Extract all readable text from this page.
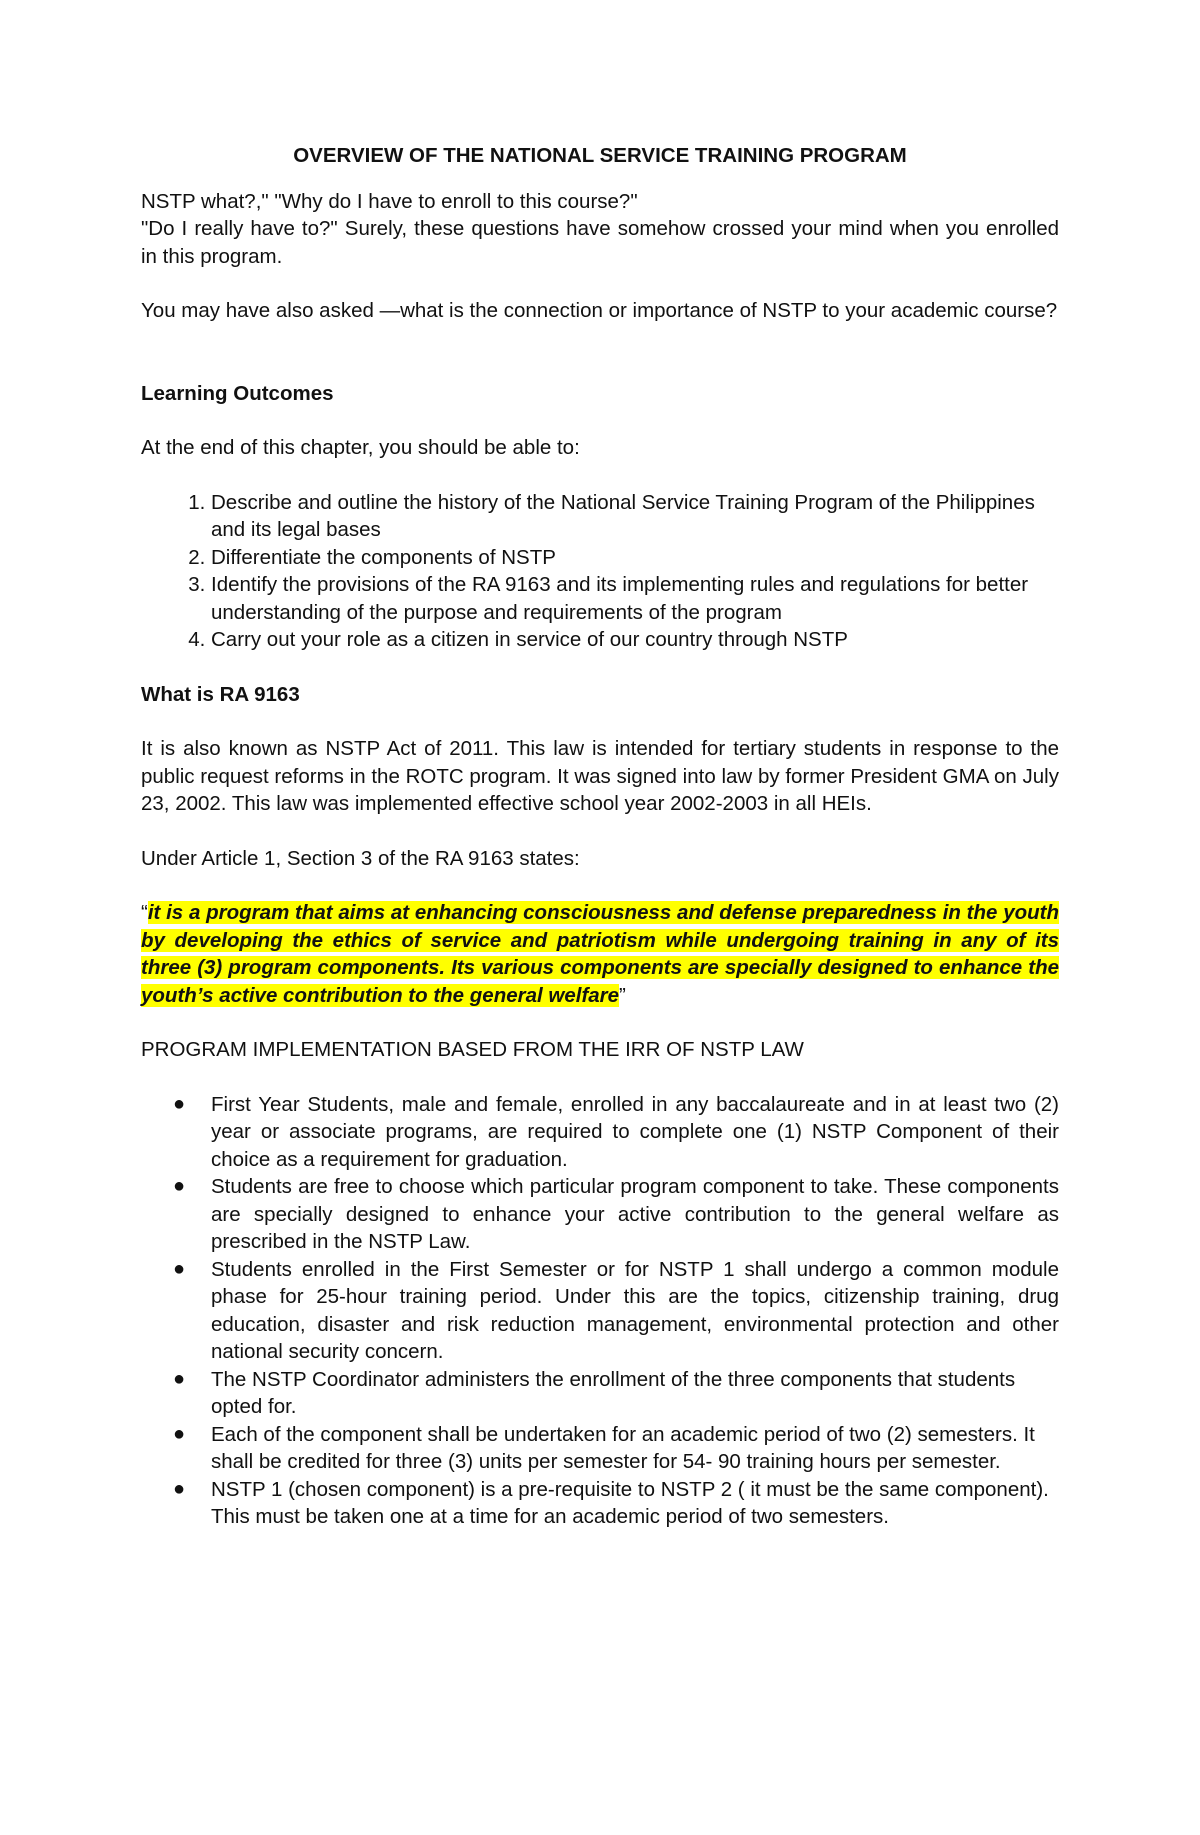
OVERVIEW OF THE NATIONAL SERVICE TRAINING PROGRAM

NSTP what?," "Why do I have to enroll to this course?"

"Do I really have to?" Surely, these questions have somehow crossed your mind when you enrolled in this program.

You may have also asked —what is the connection or importance of NSTP to your academic course?

Learning Outcomes

At the end of this chapter, you should be able to:

1. Describe and outline the history of the National Service Training Program of the Philippines and its legal bases
2. Differentiate the components of NSTP
3. Identify the provisions of the RA 9163 and its implementing rules and regulations for better understanding of the purpose and requirements of the program
4. Carry out your role as a citizen in service of our country through NSTP

What is RA 9163

It is also known as NSTP Act of 2011. This law is intended for tertiary students in response to the public request reforms in the ROTC program. It was signed into law by former President GMA on July 23, 2002. This law was implemented effective school year 2002-2003 in all HEIs.

Under Article 1, Section 3 of the RA 9163 states:

“it is a program that aims at enhancing consciousness and defense preparedness in the youth by developing the ethics of service and patriotism while undergoing training in any of its three (3) program components. Its various components are specially designed to enhance the youth’s active contribution to the general welfare”

PROGRAM IMPLEMENTATION BASED FROM THE IRR OF NSTP LAW

● First Year Students, male and female, enrolled in any baccalaureate and in at least two (2) year or associate programs, are required to complete one (1) NSTP Component of their choice as a requirement for graduation.
● Students are free to choose which particular program component to take. These components are specially designed to enhance your active contribution to the general welfare as prescribed in the NSTP Law.
● Students enrolled in the First Semester or for NSTP 1 shall undergo a common module phase for 25-hour training period. Under this are the topics, citizenship training, drug education, disaster and risk reduction management, environmental protection and other national security concern.
● The NSTP Coordinator administers the enrollment of the three components that students opted for.
● Each of the component shall be undertaken for an academic period of two (2) semesters. It shall be credited for three (3) units per semester for 54- 90 training hours per semester.
● NSTP 1 (chosen component) is a pre-requisite to NSTP 2 ( it must be the same component). This must be taken one at a time for an academic period of two semesters.
